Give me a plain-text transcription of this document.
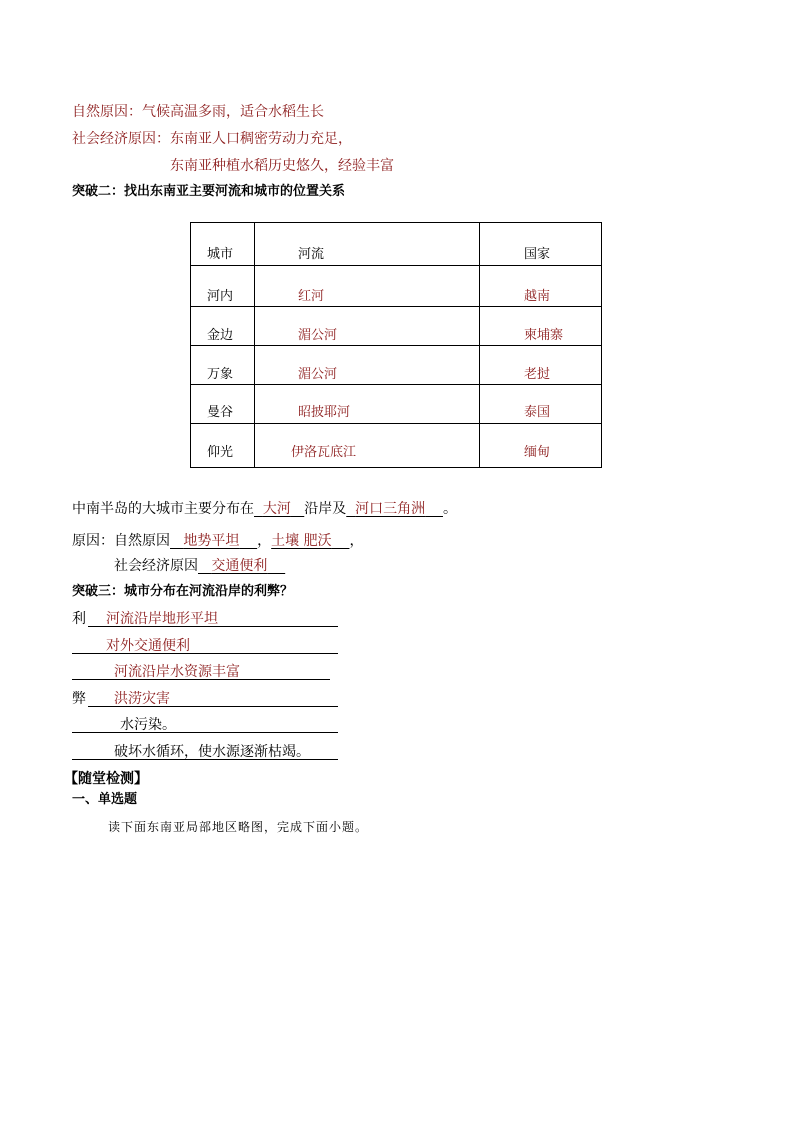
自然原因：气候高温多雨，适合水稻生长
社会经济原因：东南亚人口稠密劳动力充足，
东南亚种植水稻历史悠久，经验丰富
突破二：找出东南亚主要河流和城市的位置关系
城市	河流	国家
河内	红河	越南
金边	湄公河	柬埔寨
万象	湄公河	老挝
曼谷	昭披耶河	泰国
仰光	伊洛瓦底江	缅甸
中南半岛的大城市主要分布在 大河 沿岸及 河口三角洲 。
原因：自然原因 地势平坦 ，土壤 肥沃 ，
社会经济原因 交通便利
突破三：城市分布在河流沿岸的利弊？
利 河流沿岸地形平坦
对外交通便利
河流沿岸水资源丰富
弊 洪涝灾害
水污染。
破坏水循环，使水源逐渐枯竭。
【随堂检测】
一、单选题
读下面东南亚局部地区略图，完成下面小题。
